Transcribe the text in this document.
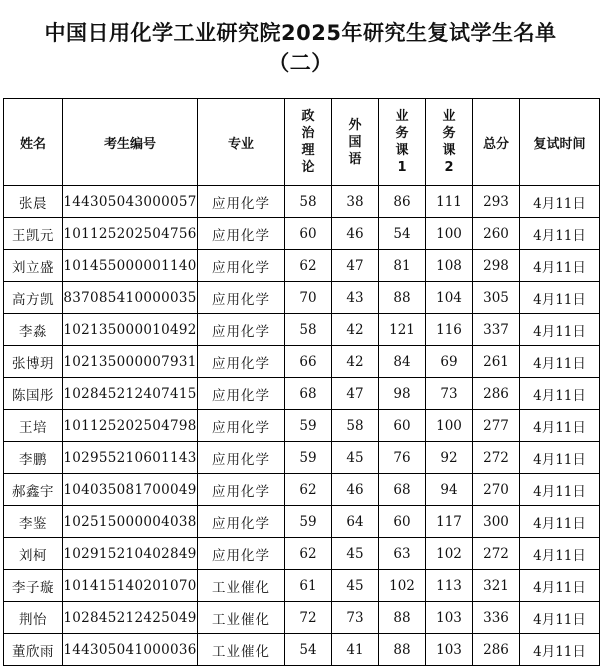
中国日用化学工业研究院2025年研究生复试学生名单
（二）
姓名	考生编号	专业	政治理论	外国语	业务课1	业务课2	总分	复试时间
张晨	144305043000057	应用化学	58	38	86	111	293	4月11日
王凯元	101125202504756	应用化学	60	46	54	100	260	4月11日
刘立盛	101455000001140	应用化学	62	47	81	108	298	4月11日
高方凯	837085410000035	应用化学	70	43	88	104	305	4月11日
李淼	102135000010492	应用化学	58	42	121	116	337	4月11日
张博玥	102135000007931	应用化学	66	42	84	69	261	4月11日
陈国彤	102845212407415	应用化学	68	47	98	73	286	4月11日
王培	101125202504798	应用化学	59	58	60	100	277	4月11日
李鹏	102955210601143	应用化学	59	45	76	92	272	4月11日
郝鑫宇	104035081700049	应用化学	62	46	68	94	270	4月11日
李鉴	102515000004038	应用化学	59	64	60	117	300	4月11日
刘柯	102915210402849	应用化学	62	45	63	102	272	4月11日
李子璇	101415140201070	工业催化	61	45	102	113	321	4月11日
荆怡	102845212425049	工业催化	72	73	88	103	336	4月11日
董欣雨	144305041000036	工业催化	54	41	88	103	286	4月11日
